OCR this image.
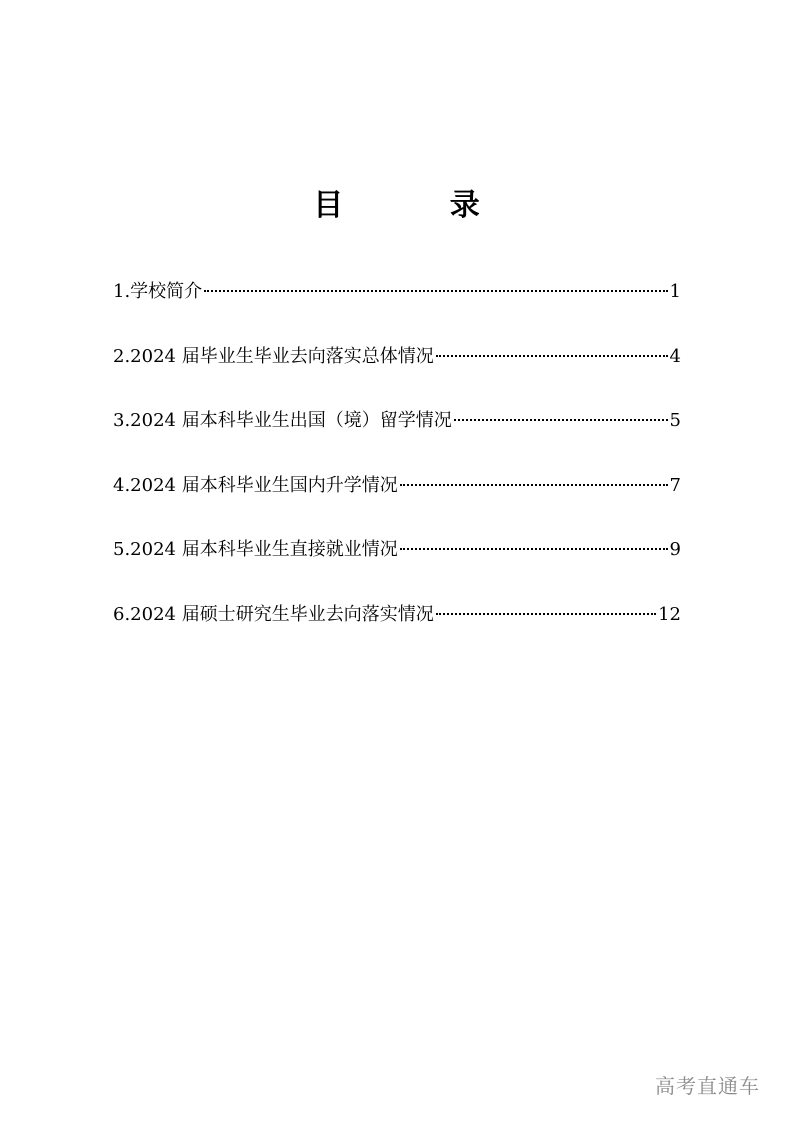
目 录
1.学校简介	1
2.2024 届毕业生毕业去向落实总体情况	4
3.2024 届本科毕业生出国（境）留学情况	5
4.2024 届本科毕业生国内升学情况	7
5.2024 届本科毕业生直接就业情况	9
6.2024 届硕士研究生毕业去向落实情况	12
高考直通车
